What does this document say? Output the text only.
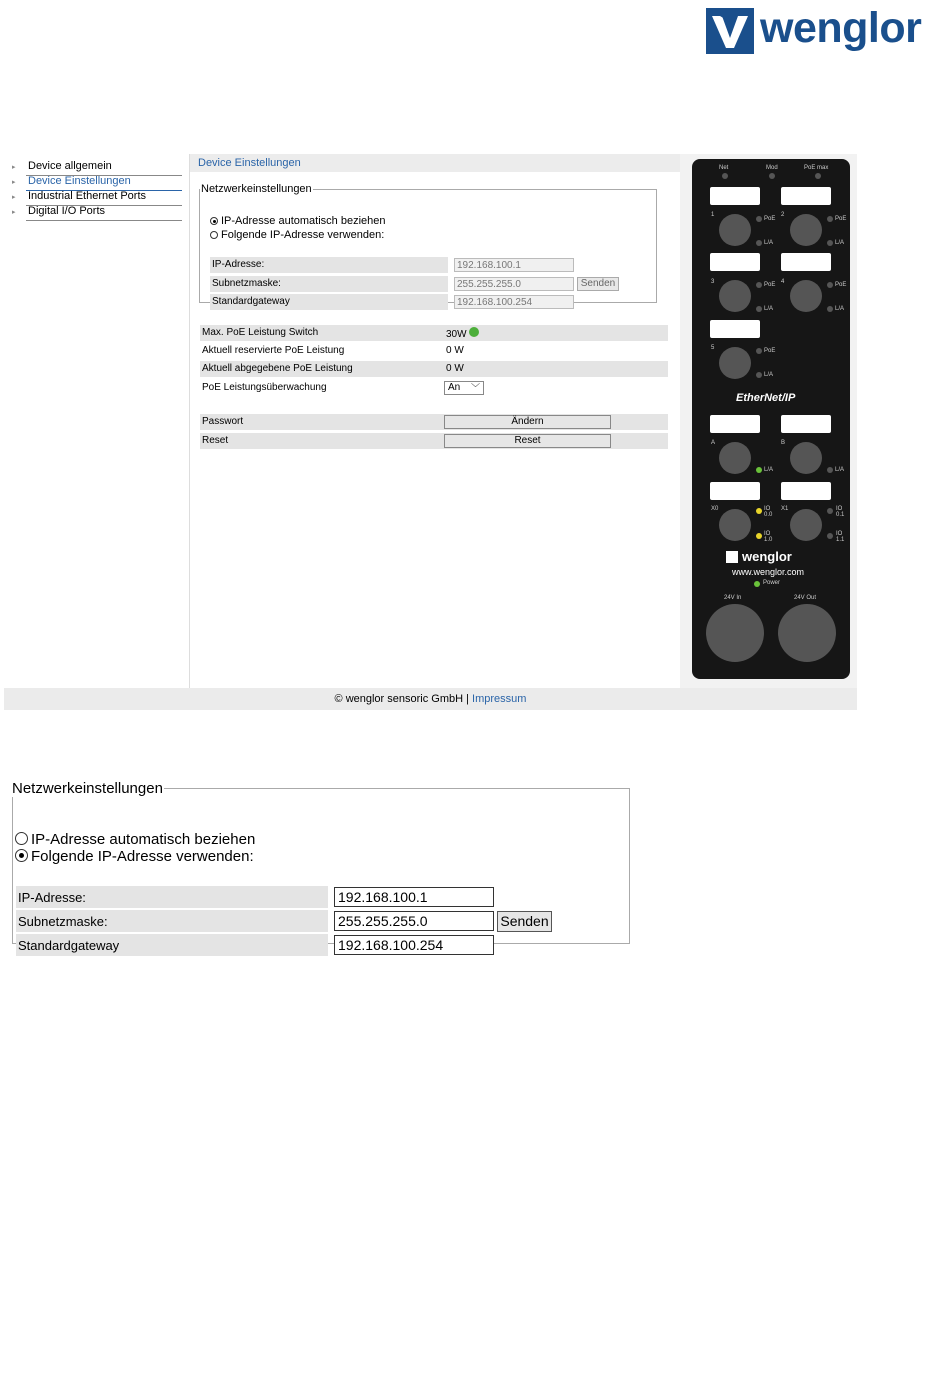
wenglor
▸ Device allgemein
▸ Device Einstellungen
▸ Industrial Ethernet Ports
▸ Digital I/O Ports
Device Einstellungen
Netzwerkeinstellungen
IP-Adresse automatisch beziehen
Folgende IP-Adresse verwenden:
IP-Adresse:	192.168.100.1
Subnetzmaske:	255.255.255.0	Senden
Standardgateway	192.168.100.254
Max. PoE Leistung Switch	30W
Aktuell reservierte PoE Leistung	0 W
Aktuell abgegebene PoE Leistung	0 W
PoE Leistungsüberwachung	An ﹀
Passwort	Ändern
Reset	Reset
Net	Mod	PoE max
1	2
PoE	PoE
L/A	L/A
3	4
PoE	PoE
L/A	L/A
5	PoE
L/A
EtherNet/IP
A	B
L/A	L/A
X0	X1
IO 0.0
IO 1.0
IO 0.1
IO 1.1
wenglor
www.wenglor.com
Power
24V In	24V Out
© wenglor sensoric GmbH | Impressum
Netzwerkeinstellungen
IP-Adresse automatisch beziehen
Folgende IP-Adresse verwenden:
IP-Adresse:	192.168.100.1
Subnetzmaske:	255.255.255.0	Senden
Standardgateway	192.168.100.254
